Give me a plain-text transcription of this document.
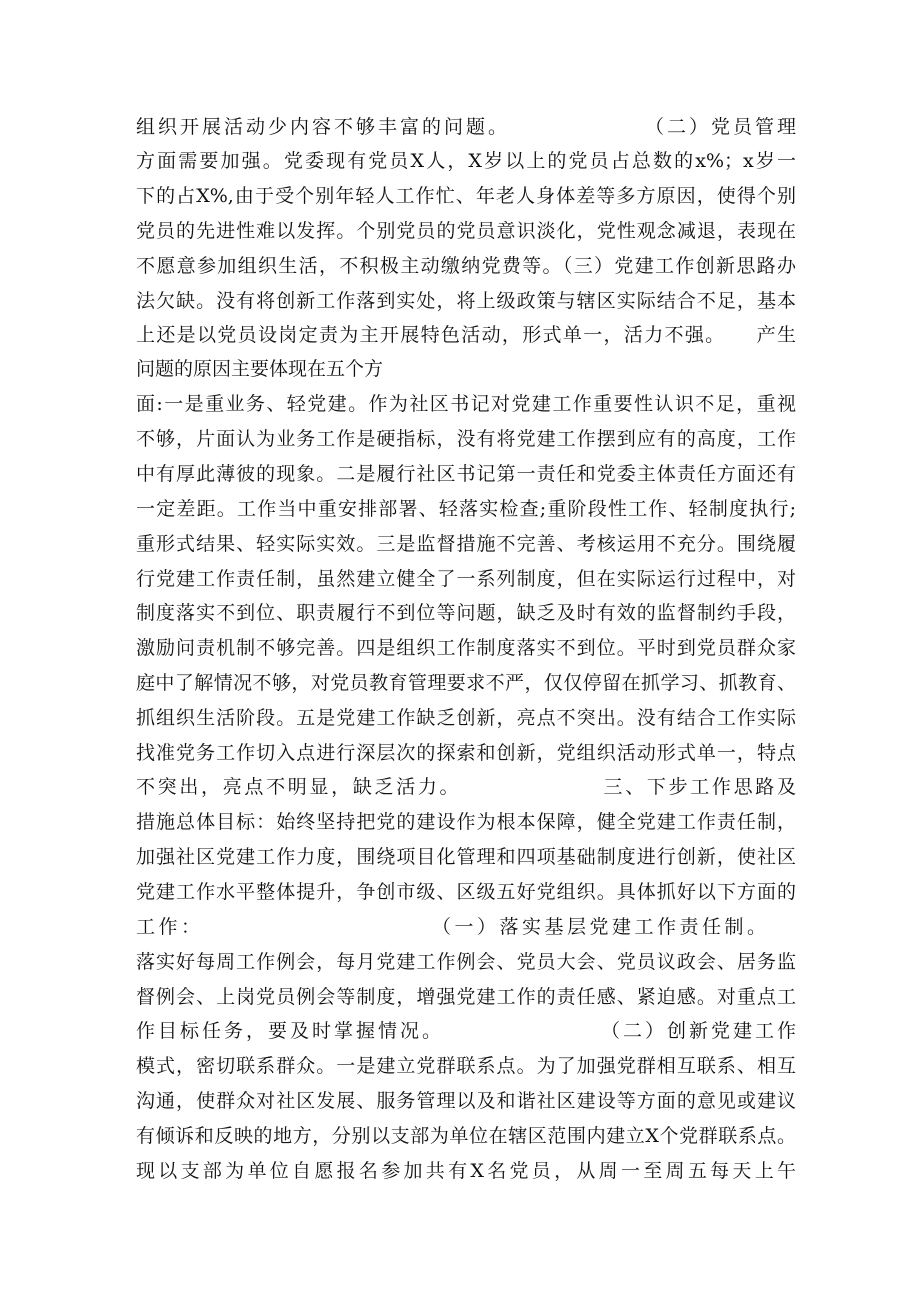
组织开展活动少内容不够丰富的问题。　　　　　　　（二）党员管理
方面需要加强。党委现有党员X人，X岁以上的党员占总数的x%；x岁一
下的占X%,由于受个别年轻人工作忙、年老人身体差等多方原因，使得个别
党员的先进性难以发挥。个别党员的党员意识淡化，党性观念减退，表现在
不愿意参加组织生活，不积极主动缴纳党费等。（三）党建工作创新思路办
法欠缺。没有将创新工作落到实处，将上级政策与辖区实际结合不足，基本
上还是以党员设岗定责为主开展特色活动，形式单一，活力不强。　　产生
问题的原因主要体现在五个方
面:一是重业务、轻党建。作为社区书记对党建工作重要性认识不足，重视
不够，片面认为业务工作是硬指标，没有将党建工作摆到应有的高度，工作
中有厚此薄彼的现象。二是履行社区书记第一责任和党委主体责任方面还有
一定差距。工作当中重安排部署、轻落实检查;重阶段性工作、轻制度执行;
重形式结果、轻实际实效。三是监督措施不完善、考核运用不充分。围绕履
行党建工作责任制，虽然建立健全了一系列制度，但在实际运行过程中，对
制度落实不到位、职责履行不到位等问题，缺乏及时有效的监督制约手段，
激励问责机制不够完善。四是组织工作制度落实不到位。平时到党员群众家
庭中了解情况不够，对党员教育管理要求不严，仅仅停留在抓学习、抓教育、
抓组织生活阶段。五是党建工作缺乏创新，亮点不突出。没有结合工作实际
找准党务工作切入点进行深层次的探索和创新，党组织活动形式单一，特点
不突出，亮点不明显，缺乏活力。　　　　　　　三、下步工作思路及
措施总体目标：始终坚持把党的建设作为根本保障，健全党建工作责任制，
加强社区党建工作力度，围绕项目化管理和四项基础制度进行创新，使社区
党建工作水平整体提升，争创市级、区级五好党组织。具体抓好以下方面的
工作：　　　　　　　　　　　（一）落实基层党建工作责任制。
落实好每周工作例会，每月党建工作例会、党员大会、党员议政会、居务监
督例会、上岗党员例会等制度，增强党建工作的责任感、紧迫感。对重点工
作目标任务，要及时掌握情况。　　　　　　　　（二）创新党建工作
模式，密切联系群众。一是建立党群联系点。为了加强党群相互联系、相互
沟通，使群众对社区发展、服务管理以及和谐社区建设等方面的意见或建议
有倾诉和反映的地方，分别以支部为单位在辖区范围内建立X个党群联系点。
现以支部为单位自愿报名参加共有X名党员，从周一至周五每天上午
